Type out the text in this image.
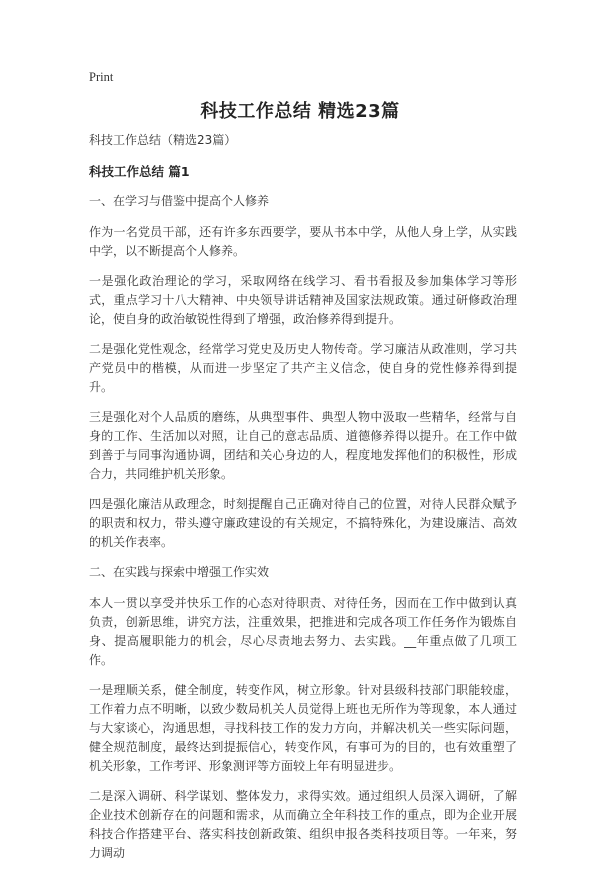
Print
科技工作总结 精选23篇

科技工作总结（精选23篇）

科技工作总结 篇1

一、在学习与借鉴中提高个人修养

作为一名党员干部，还有许多东西要学，要从书本中学，从他人身上学，从实践中学，以不断提高个人修养。

一是强化政治理论的学习，采取网络在线学习、看书看报及参加集体学习等形式，重点学习十八大精神、中央领导讲话精神及国家法规政策。通过研修政治理论，使自身的政治敏锐性得到了增强，政治修养得到提升。

二是强化党性观念，经常学习党史及历史人物传奇。学习廉洁从政准则，学习共产党员中的楷模，从而进一步坚定了共产主义信念，使自身的党性修养得到提升。

三是强化对个人品质的磨练，从典型事件、典型人物中汲取一些精华，经常与自身的工作、生活加以对照，让自己的意志品质、道德修养得以提升。在工作中做到善于与同事沟通协调，团结和关心身边的人，程度地发挥他们的积极性，形成合力，共同维护机关形象。

四是强化廉洁从政理念，时刻提醒自己正确对待自己的位置，对待人民群众赋予的职责和权力，带头遵守廉政建设的有关规定，不搞特殊化，为建设廉洁、高效的机关作表率。

二、在实践与探索中增强工作实效

本人一贯以享受并快乐工作的心态对待职责、对待任务，因而在工作中做到认真负责，创新思维，讲究方法，注重效果，把推进和完成各项工作任务作为锻炼自身、提高履职能力的机会，尽心尽责地去努力、去实践。__年重点做了几项工作。

一是理顺关系，健全制度，转变作风，树立形象。针对县级科技部门职能较虚，工作着力点不明晰，以致少数局机关人员觉得上班也无所作为等现象，本人通过与大家谈心，沟通思想，寻找科技工作的发力方向，并解决机关一些实际问题，健全规范制度，最终达到提振信心，转变作风，有事可为的目的，也有效重塑了机关形象，工作考评、形象测评等方面较上年有明显进步。

二是深入调研、科学谋划、整体发力，求得实效。通过组织人员深入调研，了解企业技术创新存在的问题和需求，从而确立全年科技工作的重点，即为企业开展科技合作搭建平台、落实科技创新政策、组织申报各类科技项目等。一年来，努力调动
